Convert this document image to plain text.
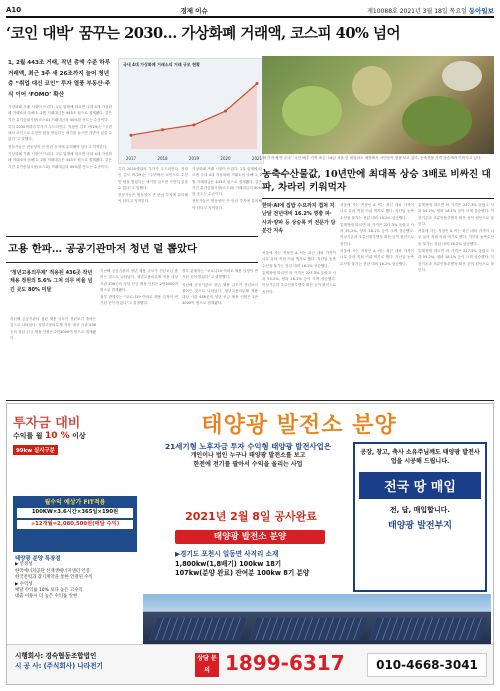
A10	경제 이슈	제10088호 2021년 3월 18일 목요일 동아일보
‘코인 대박’ 꿈꾸는 2030… 가상화폐 거래액, 코스피 40% 넘어
1, 2월 443조 거래, 작년 총액 수준 하루 거래액, 최근 3주 새 26조까지 늘어 청년층 “취업 대신 코인” 투자 열풍 부동산·주식 이어 ‘FOMO’ 확산

가상화폐 거래 시장이 뜨겁다. 1일 업계에 따르면 국내 4대 가상화폐 거래소의 올해 1, 2월 거래대금은 443조 원으로 집계됐다. 같은 기간 유가증권시장(코스피) 거래대금의 40%를 웃도는 수준이다.

특히 2030세대의 투자가 두드러진다. 직장인 김모 씨(29)는 “주변에서 코인으로 수천만 원을 벌었다는 얘기를 들으면 가만히 있을 수 없다”고 말했다.

전문가들은 변동성이 큰 만큼 투자에 유의해야 한다고 지적한다.

가상화폐 거래 시장이 뜨겁다. 1일 업계에 따르면 국내 4대 가상화폐 거래소의 올해 1, 2월 거래대금은 443조 원으로 집계됐다. 같은 기간 유가증권시장(코스피) 거래대금의 40%를 웃도는 수준이다.

2017	2018	2019	2020	2021
국내 4대 가상화폐 거래소의 거래 규모 현황

특히 2030세대의 투자가 두드러진다. 직장인 김모 씨(29)는 “주변에서 코인으로 수천만 원을 벌었다는 얘기를 들으면 가만히 있을 수 없다”고 말했다.

전문가들은 변동성이 큰 만큼 투자에 유의해야 한다고 지적한다.

가상화폐 거래 시장이 뜨겁다. 1일 업계에 따르면 국내 4대 가상화폐 거래소의 올해 1, 2월 거래대금은 443조 원으로 집계됐다. 같은 기간 유가증권시장(코스피) 거래대금의 40%를 웃도는 수준이다.

전문가들은 변동성이 큰 만큼 투자에 유의해야 한다고 지적한다.

‘비가 아예 안 온다’ ‘국산 배추 가격 폭등’ 16일 서울 한 대형마트 매장에서 시민들이 장을 보고 있다. 농축산물 가격 상승세가 이어지고 있다.
농축수산물값, 10년만에 최대폭 상승 3배로 비싸진 대파, 차라리 키워먹자
한파·AI에 집밥 수요까지 겹쳐 지난달 전년대비 16.2% 껑충 파·사과·양파 등 상승폭 커 전문가 당분간 지속

서울에 사는 직장인 A 씨는 최근 대파 가격이 너무 올라 직접 키워 먹기로 했다. 지난달 농축수산물 물가는 전년 대비 16.2% 상승했다.

통계청에 따르면 파 가격은 227.3% 올랐고 사과 55.2%, 양파 18.1% 등이 크게 상승했다. 이상기온과 조류인플루엔자 확산 등이 원인으로 꼽힌다.

서울에 사는 직장인 A 씨는 최근 대파 가격이 너무 올라 직접 키워 먹기로 했다. 지난달 농축수산물 물가는 전년 대비 16.2% 상승했다.

통계청에 따르면 파 가격은 227.3% 올랐고 사과 55.2%, 양파 18.1% 등이 크게 상승했다. 이상기온과 조류인플루엔자 확산 등이 원인으로 꼽힌다.

서울에 사는 직장인 A 씨는 최근 대파 가격이 너무 올라 직접 키워 먹기로 했다. 지난달 농축수산물 물가는 전년 대비 16.2% 상승했다.

통계청에 따르면 파 가격은 227.3% 올랐고 사과 55.2%, 양파 18.1% 등이 크게 상승했다. 이상기온과 조류인플루엔자 확산 등이 원인으로 꼽힌다.

서울에 사는 직장인 A 씨는 최근 대파 가격이 너무 올라 직접 키워 먹기로 했다. 지난달 농축수산물 물가는 전년 대비 16.2% 상승했다.

통계청에 따르면 파 가격은 227.3% 올랐고 사과 55.2%, 양파 18.1% 등이 크게 상승했다. 이상기온과 조류인플루엔자 확산 등이 원인으로 꼽힌다.

고용 한파… 공공기관마저 청년 덜 뽑았다
‘청년고용의무제’ 적용된 436곳 작년 채용 정원의 5.6% 그쳐 의무 비율 넘긴 곳도 80% 미달

지난해 공공기관의 청년 채용 규모가 전년보다 줄어든 것으로 나타났다. 청년고용의무제 적용 대상 기관 436곳의 청년 신규 채용 인원은 2만3000여 명으로 집계됐다.

지난해 공공기관의 청년 채용 규모가 전년보다 줄어든 것으로 나타났다. 청년고용의무제 적용 대상 기관 436곳의 청년 신규 채용 인원은 2만3000여 명으로 집계됐다.

정부 관계자는 “코로나19 여파로 채용 일정이 연기된 곳이 많았다”고 설명했다.

정부 관계자는 “코로나19 여파로 채용 일정이 연기된 곳이 많았다”고 설명했다.

지난해 공공기관의 청년 채용 규모가 전년보다 줄어든 것으로 나타났다. 청년고용의무제 적용 대상 기관 436곳의 청년 신규 채용 인원은 2만3000여 명으로 집계됐다.

투자금 대비
수익률 월 10 % 이상
99kw 실지구분
태양광 발전소 분양
21세기형 노후자금 투자 수익형 태양광 발전사업은
개인이나 법인 누구나 태양광 발전소를 보고
한전에 전기를 팔아서 수익을 올리는 사업
월수익 예상가 FIT적용
100KW×3.6시간×365일×190원
÷12개월=2,080,500원(매달 수익)
2021년 2월 8일 공사완료
태양광 발전소 분양
▶경기도 포천시 일동면 사직리 소재
1,800kw(1,8배기) 100kw 18기
107kw(분양 완료) 잔여분 100kw 8기 분양
태양광 분양 특장점
▶ 안정성
한국에너지공단 신재생에너지센터 인증
한국전력과 장기계약을 통한 안정된 수익
▶ 수익성
매달 수익률 10% 보다 높은 고수익
대출 이용시 더 높은 수익률 실현
공장, 창고, 축사 소유주님께도 태양광 발전사업을 시공해 드립니다.
전국 땅 매입
전, 답, 매입합니다.
태양광 발전부지
시행회사: 경숙협동조합법인
시 공 사: (주식회사) 나라전기
상담 문의 1899-6317	010-4668-3041
